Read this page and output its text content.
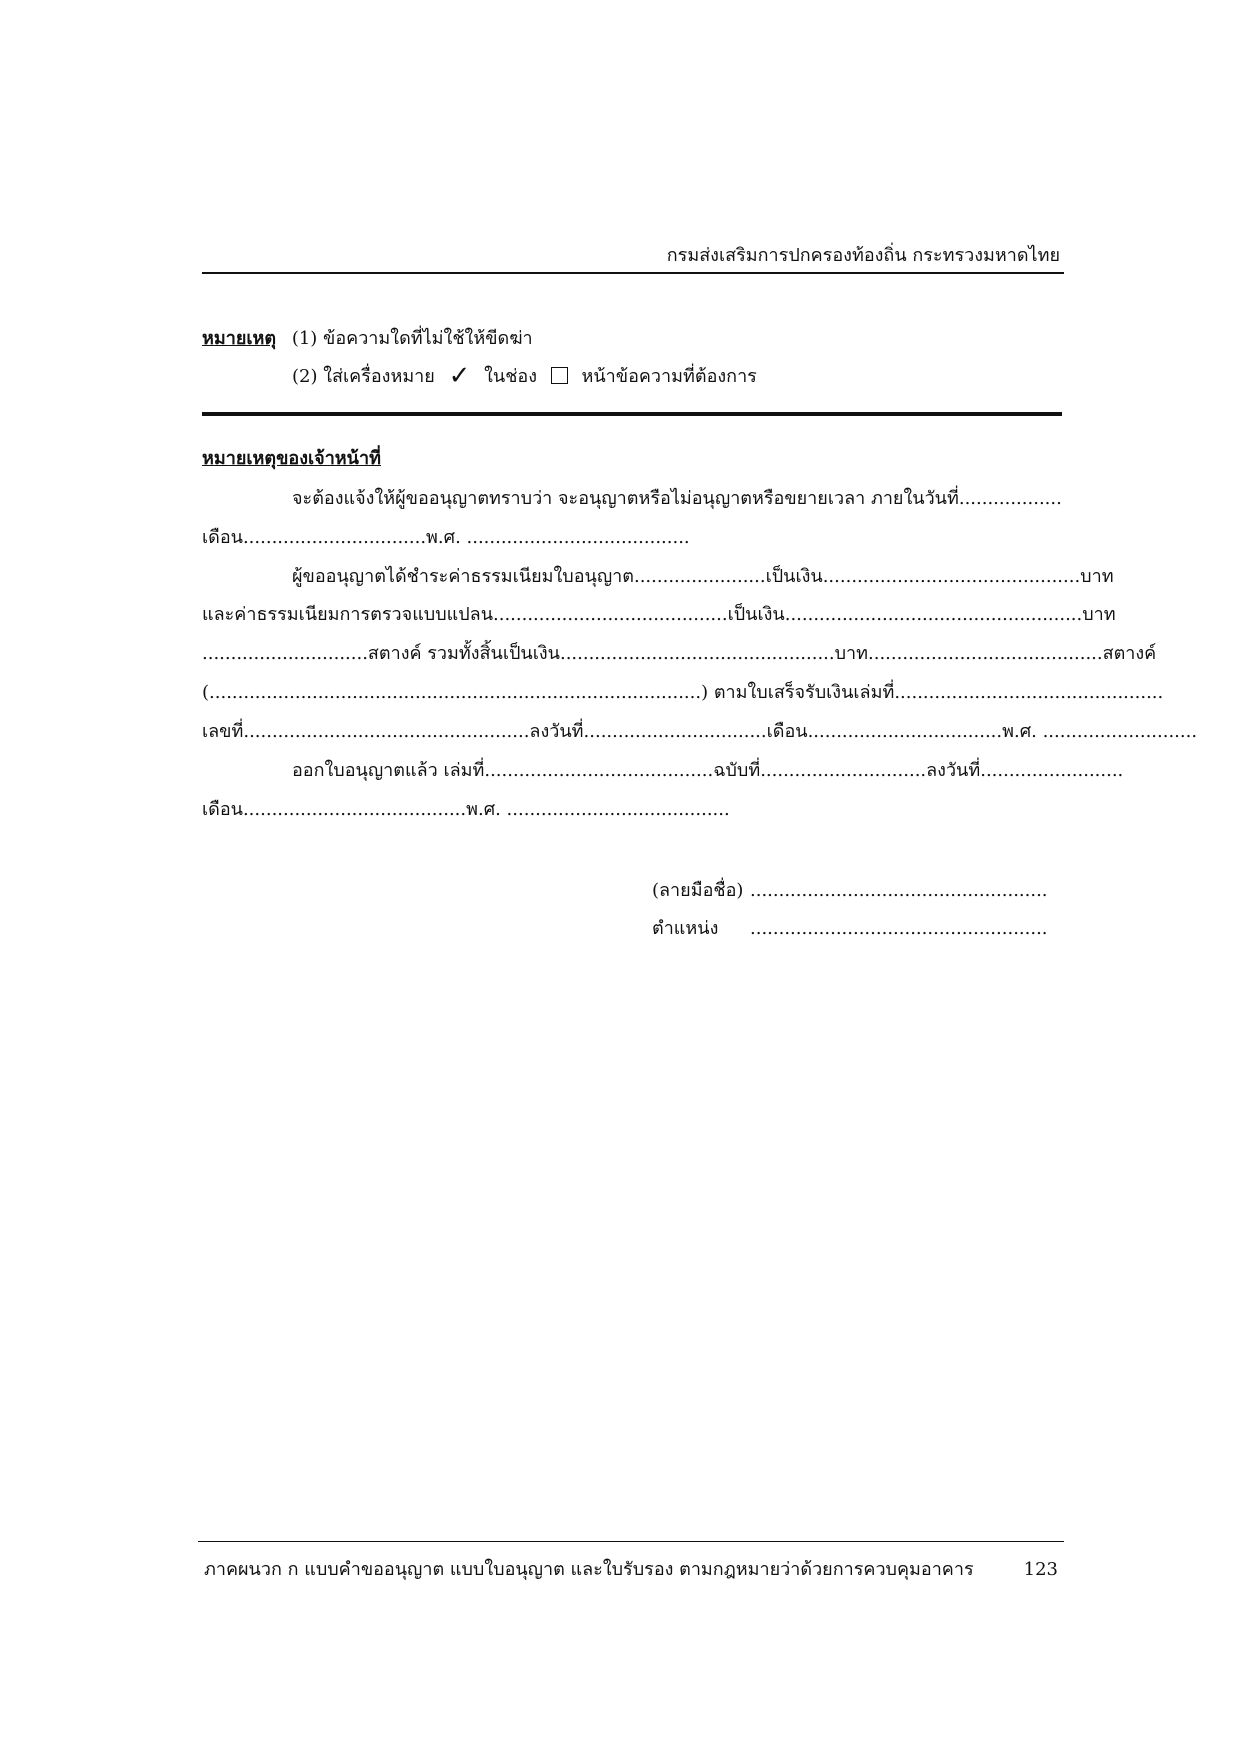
กรมส่งเสริมการปกครองท้องถิ่น กระทรวงมหาดไทย
หมายเหตุ (1) ข้อความใดที่ไม่ใช้ให้ขีดฆ่า
(2) ใส่เครื่องหมาย ✓ ในช่อง หน้าข้อความที่ต้องการ
หมายเหตุของเจ้าหน้าที่
จะต้องแจ้งให้ผู้ขออนุญาตทราบว่า จะอนุญาตหรือไม่อนุญาตหรือขยายเวลา ภายในวันที่..................
เดือน................................พ.ศ. .......................................
ผู้ขออนุญาตได้ชำระค่าธรรมเนียมใบอนุญาต.......................เป็นเงิน.............................................บาท
และค่าธรรมเนียมการตรวจแบบแปลน.........................................เป็นเงิน....................................................บาท
.............................สตางค์ รวมทั้งสิ้นเป็นเงิน................................................บาท.........................................สตางค์
(......................................................................................) ตามใบเสร็จรับเงินเล่มที่...............................................
เลขที่..................................................ลงวันที่................................เดือน..................................พ.ศ. ...........................
ออกใบอนุญาตแล้ว เล่มที่........................................ฉบับที่.............................ลงวันที่.........................
เดือน.......................................พ.ศ. .......................................
(ลายมือชื่อ) ....................................................
ตำแหน่ง ....................................................
ภาคผนวก ก แบบคำขออนุญาต แบบใบอนุญาต และใบรับรอง ตามกฎหมายว่าด้วยการควบคุมอาคาร	123
